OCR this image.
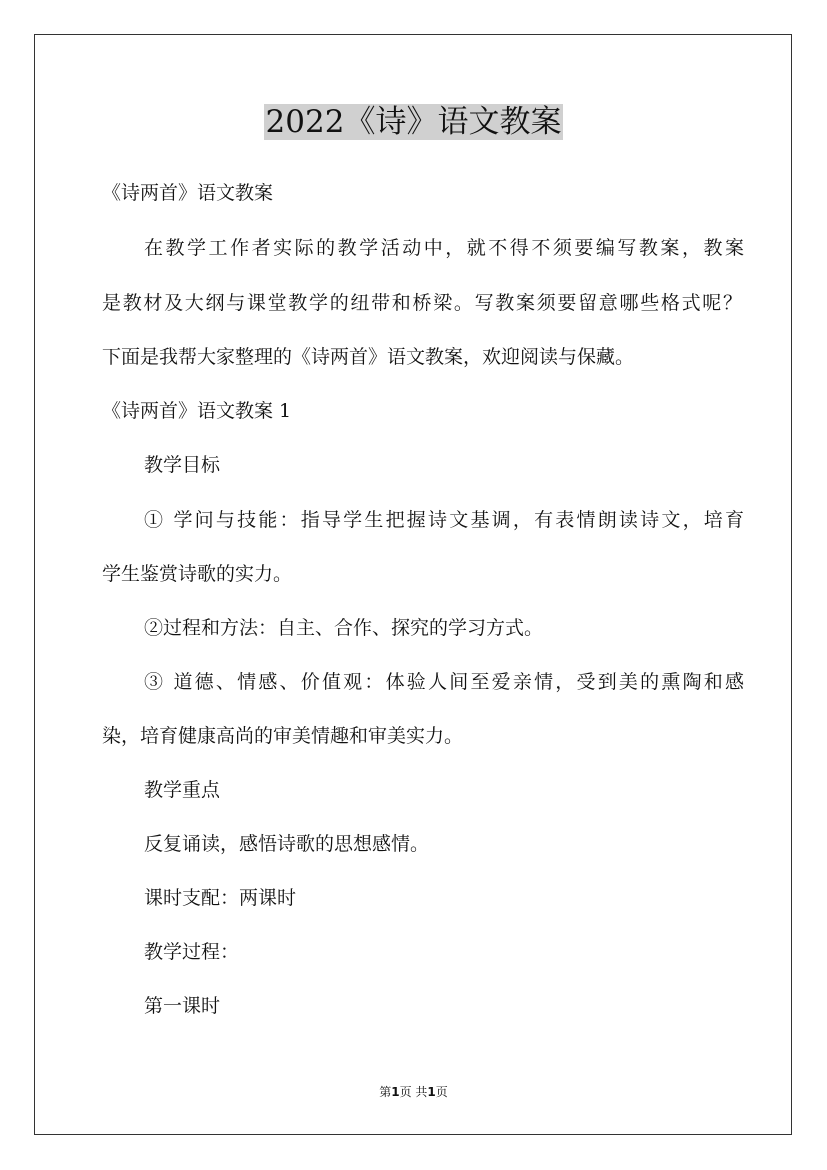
2022《诗》语文教案
《诗两首》语文教案
在教学工作者实际的教学活动中，就不得不须要编写教案，教案
是教材及大纲与课堂教学的纽带和桥梁。写教案须要留意哪些格式呢？
下面是我帮大家整理的《诗两首》语文教案，欢迎阅读与保藏。
《诗两首》语文教案 1
教学目标
① 学问与技能：指导学生把握诗文基调，有表情朗读诗文，培育
学生鉴赏诗歌的实力。
②过程和方法：自主、合作、探究的学习方式。
③ 道德、情感、价值观：体验人间至爱亲情，受到美的熏陶和感
染，培育健康高尚的审美情趣和审美实力。
教学重点
反复诵读，感悟诗歌的思想感情。
课时支配：两课时
教学过程：
第一课时
第1页 共1页
